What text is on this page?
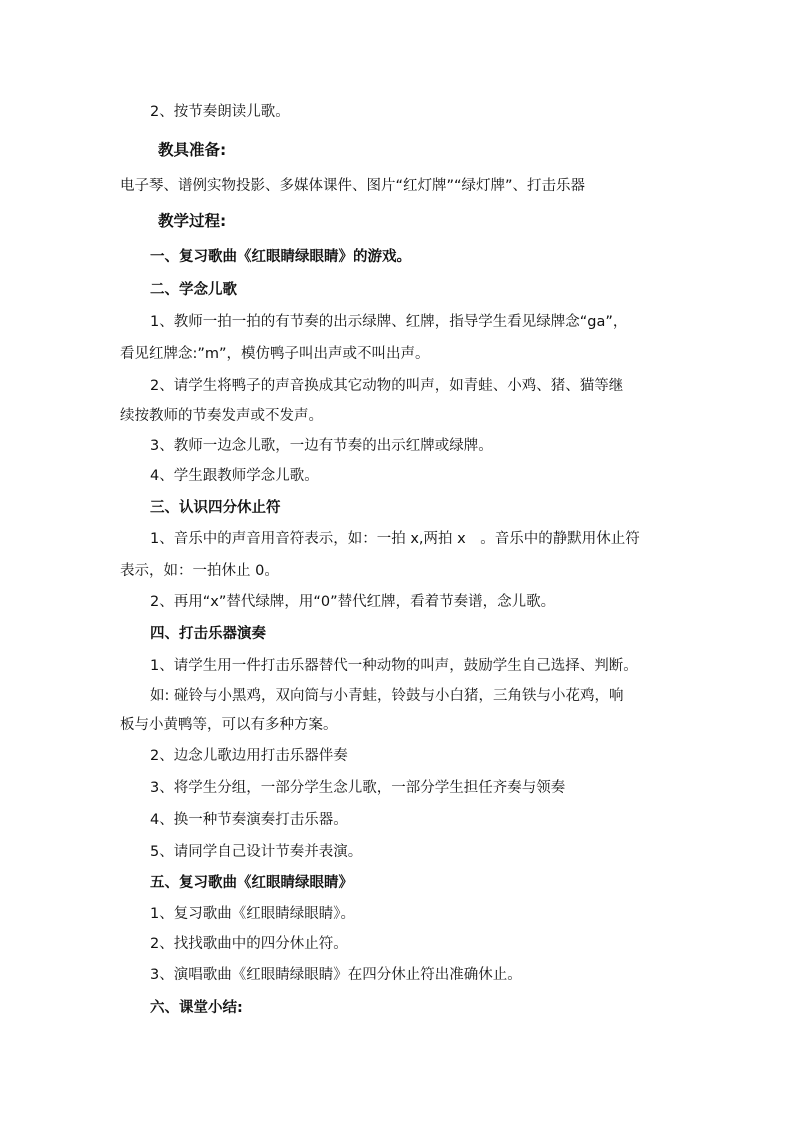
2、按节奏朗读儿歌。
教具准备:
电子琴、谱例实物投影、多媒体课件、图片“红灯牌”“绿灯牌”、打击乐器
教学过程:
一、复习歌曲《红眼睛绿眼睛》的游戏。
二、学念儿歌
1、教师一拍一拍的有节奏的出示绿牌、红牌，指导学生看见绿牌念“ga”，
看见红牌念:”m”，模仿鸭子叫出声或不叫出声。
2、请学生将鸭子的声音换成其它动物的叫声，如青蛙、小鸡、猪、猫等继
续按教师的节奏发声或不发声。
3、教师一边念儿歌，一边有节奏的出示红牌或绿牌。
4、学生跟教师学念儿歌。
三、认识四分休止符
1、音乐中的声音用音符表示，如：一拍 x,两拍 x　。音乐中的静默用休止符
表示，如：一拍休止 0。
2、再用“x”替代绿牌，用“0”替代红牌，看着节奏谱，念儿歌。
四、打击乐器演奏
1、请学生用一件打击乐器替代一种动物的叫声，鼓励学生自己选择、判断。
如: 碰铃与小黑鸡，双向筒与小青蛙，铃鼓与小白猪，三角铁与小花鸡，响
板与小黄鸭等，可以有多种方案。
2、边念儿歌边用打击乐器伴奏
3、将学生分组，一部分学生念儿歌，一部分学生担任齐奏与领奏
4、换一种节奏演奏打击乐器。
5、请同学自己设计节奏并表演。
五、复习歌曲《红眼睛绿眼睛》
1、复习歌曲《红眼睛绿眼睛》。
2、找找歌曲中的四分休止符。
3、演唱歌曲《红眼睛绿眼睛》在四分休止符出准确休止。
六、课堂小结:
